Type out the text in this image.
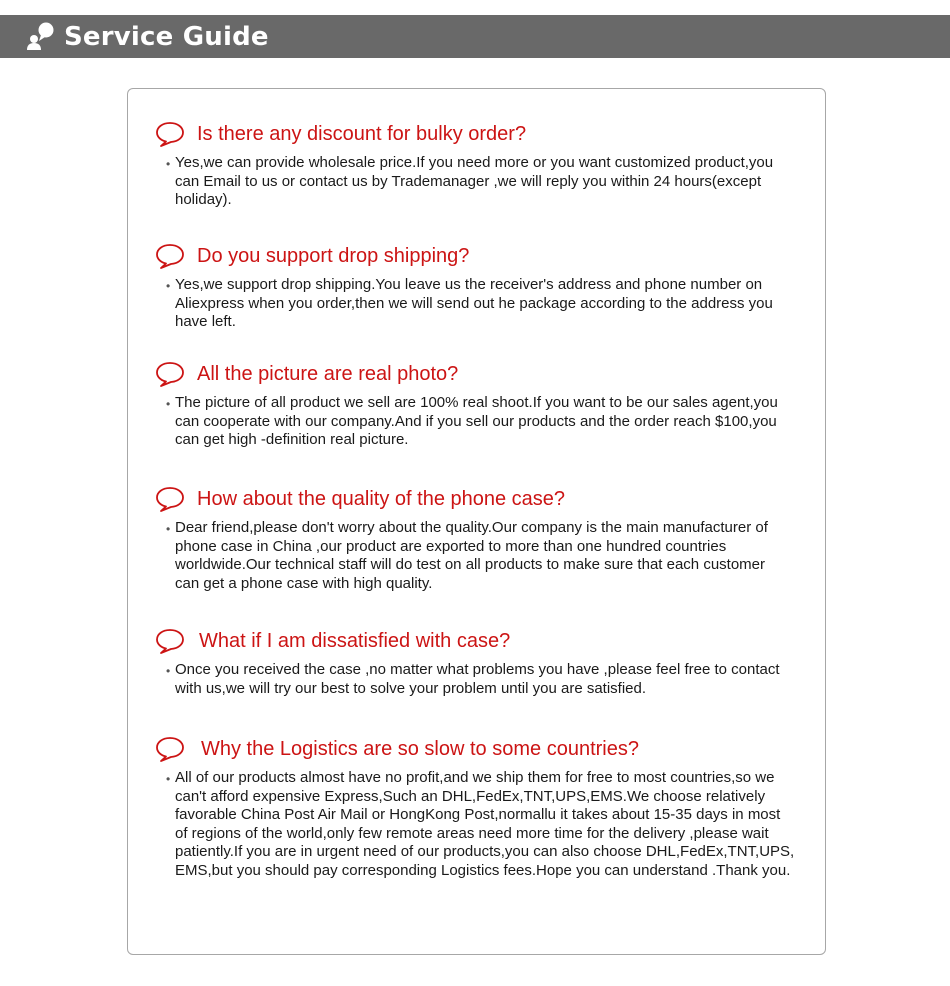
Service Guide
Is there any discount for bulky order?
• Yes,we can provide wholesale price.If you need more or you want customized product,you
can Email to us or contact us by Trademanager ,we will reply you within 24 hours(except
holiday).
Do you support drop shipping?
• Yes,we support drop shipping.You leave us the receiver's address and phone number on
Aliexpress when you order,then we will send out he package according to the address you
have left.
All the picture are real photo?
• The picture of all product we sell are 100% real shoot.If you want to be our sales agent,you
can cooperate with our company.And if you sell our products and the order reach $100,you
can get high -definition real picture.
How about the quality of the phone case?
• Dear friend,please don't worry about the quality.Our company is the main manufacturer of
phone case in China ,our product are exported to more than one hundred countries
worldwide.Our technical staff will do test on all products to make sure that each customer
can get a phone case with high quality.
What if I am dissatisfied with case?
• Once you received the case ,no matter what problems you have ,please feel free to contact
with us,we will try our best to solve your problem until you are satisfied.
Why the Logistics are so slow to some countries?
• All of our products almost have no profit,and we ship them for free to most countries,so we
can't afford expensive Express,Such an DHL,FedEx,TNT,UPS,EMS.We choose relatively
favorable China Post Air Mail or HongKong Post,normallu it takes about 15-35 days in most
of regions of the world,only few remote areas need more time for the delivery ,please wait
patiently.If you are in urgent need of our products,you can also choose DHL,FedEx,TNT,UPS,
EMS,but you should pay corresponding Logistics fees.Hope you can understand .Thank you.
